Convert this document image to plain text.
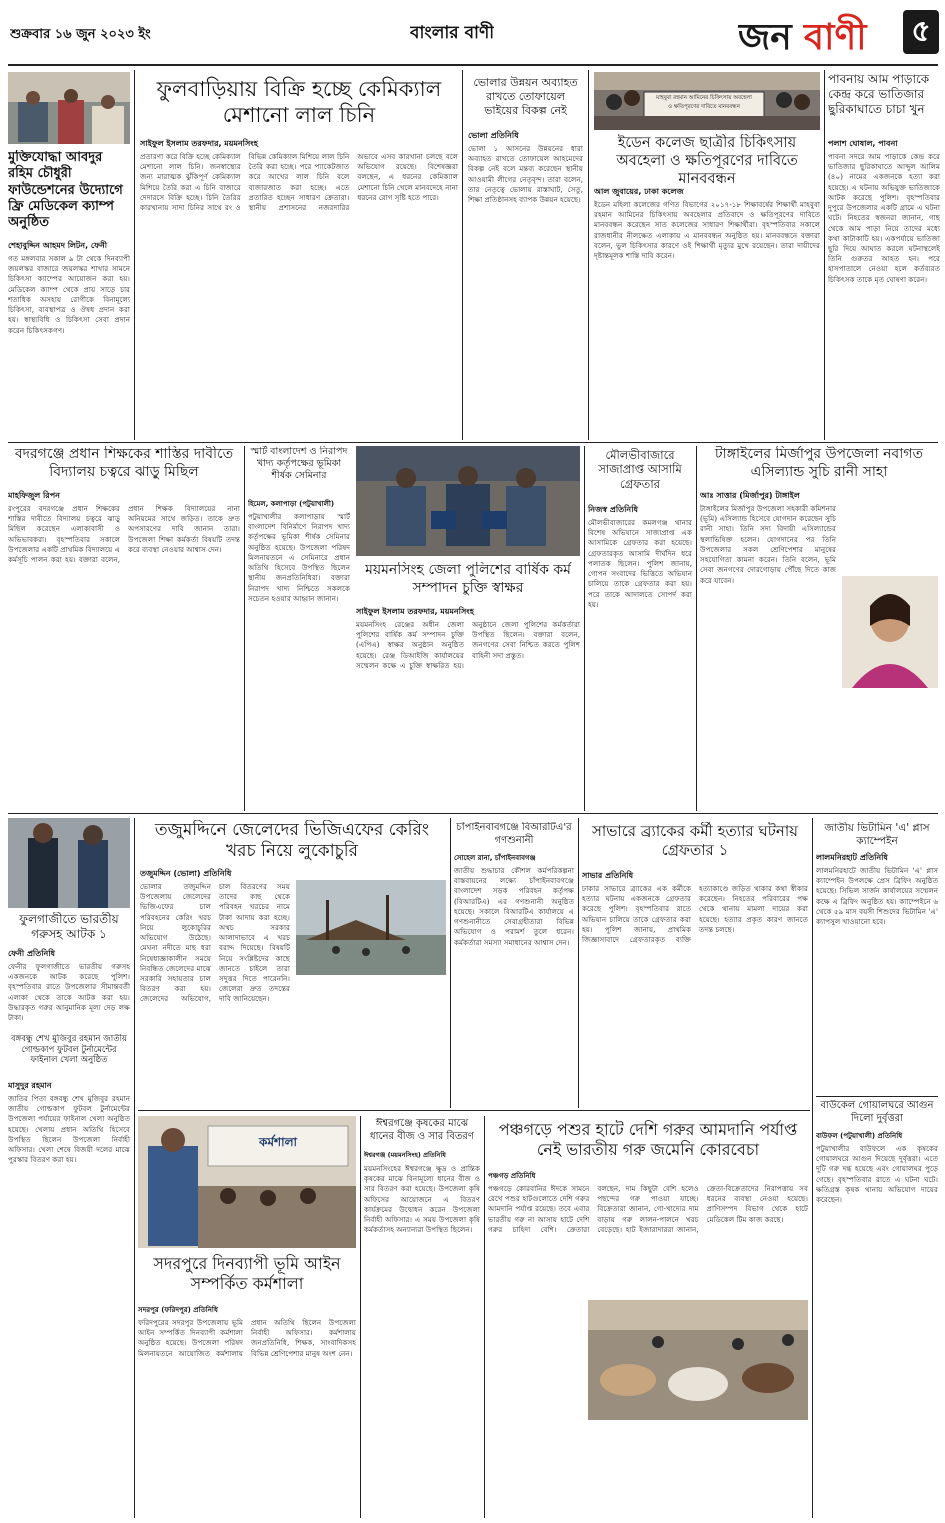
শুক্রবার ১৬ জুন ২০২৩ ইং	বাংলার বাণী	জন বাণী ৫
মুক্তিযোদ্ধা আবদুর রহিম চৌধুরী ফাউন্ডেশনের উদ্যোগে ফ্রি মেডিকেল ক্যাম্প অনুষ্ঠিত
শেহাবুদ্দিন আহমদ লিটন, ফেনী
গত মঙ্গলবার সকাল ৯ টা থেকে দিনব্যাপী জয়লস্কর বাজারে জয়লস্কর শাখার সামনে চিকিৎসা ক্যাম্পের আয়োজন করা হয়। মেডিকেল ক্যাম্প থেকে প্রায় সাড়ে চার শতাধিক অসহায় রোগীকে বিনামূল্যে চিকিৎসা, ব্যবস্থাপত্র ও ঔষধ প্রদান করা হয়। স্বাস্থ্যবিধি ও চিকিৎসা সেবা প্রদান করেন চিকিৎসকগণ।
ফুলবাড়িয়ায় বিক্রি হচ্ছে কেমিক্যাল মেশানো লাল চিনি
সাইফুল ইসলাম তরফদার, ময়মনসিংহ
প্রতারণা করে বিক্রি হচ্ছে কেমিক্যাল মেশানো লাল চিনি। জনস্বাস্থ্যের জন্য মারাত্মক ঝুঁকিপূর্ণ কেমিক্যাল মিশিয়ে তৈরি করা এ চিনি বাজারে দেদারসে বিক্রি হচ্ছে। চিনি তৈরির কারখানায় সাদা চিনির সাথে রং ও বিভিন্ন কেমিক্যাল মিশিয়ে লাল চিনি তৈরি করা হচ্ছে। পরে প্যাকেটজাত করে আখের লাল চিনি বলে বাজারজাত করা হচ্ছে। এতে প্রতারিত হচ্ছেন সাধারণ ক্রেতারা। স্থানীয় প্রশাসনের নজরদারির অভাবে এসব কারখানা চলছে বলে অভিযোগ রয়েছে। বিশেষজ্ঞরা বলছেন, এ ধরনের কেমিক্যাল মেশানো চিনি খেলে মানবদেহে নানা ধরনের রোগ সৃষ্টি হতে পারে।
ভোলার উন্নয়ন অব্যাহত রাখতে তোফায়েল ভাইয়ের বিকল্প নেই
ভোলা প্রতিনিধি
ভোলা ১ আসনের উন্নয়নের ধারা অব্যাহত রাখতে তোফায়েল আহমেদের বিকল্প নেই বলে মন্তব্য করেছেন স্থানীয় আওয়ামী লীগের নেতৃবৃন্দ। তারা বলেন, তার নেতৃত্বে ভোলায় রাস্তাঘাট, সেতু, শিক্ষা প্রতিষ্ঠানসহ ব্যাপক উন্নয়ন হয়েছে।
মাহবুবা রহমান আমিনের চিকিৎসায় অবহেলা
ও ক্ষতিপূরণের দাবিতে মানববন্ধন
ইডেন কলেজ ছাত্রীর চিকিৎসায় অবহেলা ও ক্ষতিপূরণের দাবিতে মানববন্ধন
আল জুবায়ের, ঢাকা কলেজ
ইডেন মহিলা কলেজের গণিত বিভাগের ২০১৭-১৮ শিক্ষাবর্ষের শিক্ষার্থী মাহবুবা রহমান আমিনের চিকিৎসায় অবহেলার প্রতিবাদে ও ক্ষতিপূরণের দাবিতে মানববন্ধন করেছেন সাত কলেজের সাধারণ শিক্ষার্থীরা। বৃহস্পতিবার সকালে রাজধানীর নীলক্ষেত এলাকায় এ মানববন্ধন অনুষ্ঠিত হয়। মানববন্ধনে বক্তারা বলেন, ভুল চিকিৎসার কারণে ওই শিক্ষার্থী মৃত্যুর মুখে রয়েছেন। তারা দায়ীদের দৃষ্টান্তমূলক শাস্তি দাবি করেন।
পাবনায় আম পাড়াকে কেন্দ্র করে ভাতিজার ছুরিকাঘাতে চাচা খুন
পলাশ ঘোষাল, পাবনা
পাবনা সদরে আম পাড়াকে কেন্দ্র করে ভাতিজার ছুরিকাঘাতে আব্দুল আলিম (৪০) নামের একজনকে হত্যা করা হয়েছে। এ ঘটনায় অভিযুক্ত ভাতিজাকে আটক করেছে পুলিশ। বৃহস্পতিবার দুপুরে উপজেলার একটি গ্রামে এ ঘটনা ঘটে। নিহতের স্বজনরা জানান, গাছ থেকে আম পাড়া নিয়ে তাদের মধ্যে কথা কাটাকাটি হয়। একপর্যায়ে ভাতিজা ছুরি দিয়ে আঘাত করলে ঘটনাস্থলেই তিনি গুরুতর আহত হন। পরে হাসপাতালে নেওয়া হলে কর্তব্যরত চিকিৎসক তাকে মৃত ঘোষণা করেন।
বদরগঞ্জে প্রধান শিক্ষকের শাস্তির দাবীতে বিদ্যালয় চত্বরে ঝাড়ু মিছিল
মাহফিজুল রিপন
রংপুরের বদরগঞ্জে প্রধান শিক্ষকের শাস্তির দাবীতে বিদ্যালয় চত্বরে ঝাড়ু মিছিল করেছেন এলাকাবাসী ও অভিভাবকরা। বৃহস্পতিবার সকালে উপজেলার একটি প্রাথমিক বিদ্যালয়ে এ কর্মসূচি পালন করা হয়। বক্তারা বলেন, প্রধান শিক্ষক বিদ্যালয়ের নানা অনিয়মের সাথে জড়িত। তাকে দ্রুত অপসারণের দাবি জানান তারা। উপজেলা শিক্ষা কর্মকর্তা বিষয়টি তদন্ত করে ব্যবস্থা নেওয়ার আশ্বাস দেন।
স্মার্ট বাংলাদেশ ও নিরাপদ খাদ্য কর্তৃপক্ষের ভূমিকা শীর্ষক সেমিনার
হিমেল, কলাপাড়া (পটুয়াখালী)
পটুয়াখালীর কলাপাড়ায় স্মার্ট বাংলাদেশ বিনির্মাণে নিরাপদ খাদ্য কর্তৃপক্ষের ভূমিকা শীর্ষক সেমিনার অনুষ্ঠিত হয়েছে। উপজেলা পরিষদ মিলনায়তনে এ সেমিনারে প্রধান অতিথি হিসেবে উপস্থিত ছিলেন স্থানীয় জনপ্রতিনিধিরা। বক্তারা নিরাপদ খাদ্য নিশ্চিতে সকলকে সচেতন হওয়ার আহ্বান জানান।
ময়মনসিংহ জেলা পুলিশের বার্ষিক কর্ম সম্পাদন চুক্তি স্বাক্ষর
সাইফুল ইসলাম তরফদার, ময়মনসিংহ
ময়মনসিংহ রেঞ্জের অধীন জেলা পুলিশের বার্ষিক কর্ম সম্পাদন চুক্তি (এপিএ) স্বাক্ষর অনুষ্ঠান অনুষ্ঠিত হয়েছে। রেঞ্জ ডিআইজি কার্যালয়ের সম্মেলন কক্ষে এ চুক্তি স্বাক্ষরিত হয়। অনুষ্ঠানে জেলা পুলিশের কর্মকর্তারা উপস্থিত ছিলেন। বক্তারা বলেন, জনগণের সেবা নিশ্চিত করতে পুলিশ বাহিনী সদা প্রস্তুত।
মৌলভীবাজারে সাজাপ্রাপ্ত আসামি গ্রেফতার
নিজস্ব প্রতিনিধি
মৌলভীবাজারের কমলগঞ্জ থানার বিশেষ অভিযানে সাজাপ্রাপ্ত এক আসামিকে গ্রেফতার করা হয়েছে। গ্রেফতারকৃত আসামি দীর্ঘদিন ধরে পলাতক ছিলেন। পুলিশ জানায়, গোপন সংবাদের ভিত্তিতে অভিযান চালিয়ে তাকে গ্রেফতার করা হয়। পরে তাকে আদালতে সোপর্দ করা হয়।
টাঙ্গাইলের মির্জাপুর উপজেলা নবাগত এসিল্যান্ড সুচি রানী সাহা
আঃ সাত্তার (মির্জাপুর) টাঙ্গাইল
টাঙ্গাইলের মির্জাপুর উপজেলা সহকারী কমিশনার (ভূমি) এসিল্যান্ড হিসেবে যোগদান করেছেন সুচি রানী সাহা। তিনি সদ্য বিদায়ী এসিল্যান্ডের স্থলাভিষিক্ত হলেন। যোগদানের পর তিনি উপজেলার সকল শ্রেণিপেশার মানুষের সহযোগিতা কামনা করেন। তিনি বলেন, ভূমি সেবা জনগণের দোরগোড়ায় পৌঁছে দিতে কাজ করে যাবেন।
ফুলগাজীতে ভারতীয় গরুসহ আটক ১
ফেনী প্রতিনিধি
ফেনীর ফুলগাজীতে ভারতীয় গরুসহ একজনকে আটক করেছে পুলিশ। বৃহস্পতিবার রাতে উপজেলার সীমান্তবর্তী এলাকা থেকে তাকে আটক করা হয়। উদ্ধারকৃত গরুর আনুমানিক মূল্য দেড় লক্ষ টাকা।
বঙ্গবন্ধু শেখ মুজিবুর রহমান জাতীয় গোল্ডকাপ ফুটবল টুর্নামেন্টের ফাইনাল খেলা অনুষ্ঠিত
মাসুদুর রহমান
জাতির পিতা বঙ্গবন্ধু শেখ মুজিবুর রহমান জাতীয় গোল্ডকাপ ফুটবল টুর্নামেন্টের উপজেলা পর্যায়ের ফাইনাল খেলা অনুষ্ঠিত হয়েছে। খেলায় প্রধান অতিথি হিসেবে উপস্থিত ছিলেন উপজেলা নির্বাহী অফিসার। খেলা শেষে বিজয়ী দলের মাঝে পুরস্কার বিতরণ করা হয়।
তজুমদ্দিনে জেলেদের ভিজিএফের কেরিং খরচ নিয়ে লুকোচুরি
তজুমদ্দিন (ভোলা) প্রতিনিধি
ভোলার তজুমদ্দিন উপজেলায় জেলেদের ভিজিএফের চাল পরিবহনের কেরিং খরচ নিয়ে লুকোচুরির অভিযোগ উঠেছে। মেঘনা নদীতে মাছ ধরা নিষেধাজ্ঞাকালীন সময়ে নিবন্ধিত জেলেদের মাঝে সরকারি সহায়তার চাল বিতরণ করা হয়। জেলেদের অভিযোগ, চাল বিতরণের সময় তাদের কাছ থেকে পরিবহন খরচের নামে টাকা আদায় করা হচ্ছে। অথচ সরকার আলাদাভাবে এ খরচ বরাদ্দ দিয়েছে। বিষয়টি নিয়ে সংশ্লিষ্টদের কাছে জানতে চাইলে তারা সদুত্তর দিতে পারেননি। জেলেরা দ্রুত তদন্তের দাবি জানিয়েছেন।
চাঁপাইনবাবগঞ্জে বিআরটিএ'র গণশুনানী
সোহেল রানা, চাঁপাইনবাবগঞ্জ
জাতীয় শুদ্ধাচার কৌশল কর্মপরিকল্পনা বাস্তবায়নের লক্ষ্যে চাঁপাইনবাবগঞ্জে বাংলাদেশ সড়ক পরিবহন কর্তৃপক্ষ (বিআরটিএ) এর গণশুনানী অনুষ্ঠিত হয়েছে। সকালে বিআরটিএ কার্যালয়ে এ গণশুনানীতে সেবাগ্রহীতারা বিভিন্ন অভিযোগ ও পরামর্শ তুলে ধরেন। কর্মকর্তারা সমস্যা সমাধানের আশ্বাস দেন।
সাভারে ব্র্যাকের কর্মী হত্যার ঘটনায় গ্রেফতার ১
সাভার প্রতিনিধি
ঢাকার সাভারে ব্র্যাকের এক কর্মীকে হত্যার ঘটনায় একজনকে গ্রেফতার করেছে পুলিশ। বৃহস্পতিবার রাতে অভিযান চালিয়ে তাকে গ্রেফতার করা হয়। পুলিশ জানায়, প্রাথমিক জিজ্ঞাসাবাদে গ্রেফতারকৃত ব্যক্তি হত্যাকাণ্ডে জড়িত থাকার কথা স্বীকার করেছেন। নিহতের পরিবারের পক্ষ থেকে থানায় মামলা দায়ের করা হয়েছে। হত্যার প্রকৃত কারণ জানতে তদন্ত চলছে।
জাতীয় ভিটামিন 'এ' প্লাস ক্যাম্পেইন
লালমনিরহাট প্রতিনিধি
লালমনিরহাটে জাতীয় ভিটামিন 'এ' প্লাস ক্যাম্পেইন উপলক্ষে প্রেস ব্রিফিং অনুষ্ঠিত হয়েছে। সিভিল সার্জন কার্যালয়ের সম্মেলন কক্ষে এ ব্রিফিং অনুষ্ঠিত হয়। ক্যাম্পেইনে ৬ থেকে ৫৯ মাস বয়সী শিশুদের ভিটামিন 'এ' ক্যাপসুল খাওয়ানো হবে।
বাউকেল গোয়ালঘরে আগুন দিলো দুর্বৃত্তরা
বাউফল (পটুয়াখালী) প্রতিনিধি
পটুয়াখালীর বাউফলে এক কৃষকের গোয়ালঘরে আগুন দিয়েছে দুর্বৃত্তরা। এতে দুটি গরু দগ্ধ হয়েছে এবং গোয়ালঘর পুড়ে গেছে। বৃহস্পতিবার রাতে এ ঘটনা ঘটে। ক্ষতিগ্রস্ত কৃষক থানায় অভিযোগ দায়ের করেছেন।
কর্মশালা
সদরপুরে দিনব্যাপী ভূমি আইন সম্পর্কিত কর্মশালা
সদরপুর (ফরিদপুর) প্রতিনিধি
ফরিদপুরের সদরপুর উপজেলায় ভূমি আইন সম্পর্কিত দিনব্যাপী কর্মশালা অনুষ্ঠিত হয়েছে। উপজেলা পরিষদ মিলনায়তনে আয়োজিত কর্মশালায় প্রধান অতিথি ছিলেন উপজেলা নির্বাহী অফিসার। কর্মশালায় জনপ্রতিনিধি, শিক্ষক, সাংবাদিকসহ বিভিন্ন শ্রেণিপেশার মানুষ অংশ নেন।
ঈশ্বরগঞ্জে কৃষকের মাঝে ধানের বীজ ও সার বিতরণ
ঈশ্বরগঞ্জ (ময়মনসিংহ) প্রতিনিধি
ময়মনসিংহের ঈশ্বরগঞ্জে ক্ষুদ্র ও প্রান্তিক কৃষকের মাঝে বিনামূল্যে ধানের বীজ ও সার বিতরণ করা হয়েছে। উপজেলা কৃষি অফিসের আয়োজনে এ বিতরণ কার্যক্রমের উদ্বোধন করেন উপজেলা নির্বাহী অফিসার। এ সময় উপজেলা কৃষি কর্মকর্তাসহ অন্যান্যরা উপস্থিত ছিলেন।
পঞ্চগড়ে পশুর হাটে দেশি গরুর আমদানি পর্যাপ্ত নেই ভারতীয় গরু জমেনি কোরবেচা
পঞ্চগড় প্রতিনিধি
পঞ্চগড়ে কোরবানির ঈদকে সামনে রেখে পশুর হাটগুলোতে দেশি গরুর আমদানি পর্যাপ্ত রয়েছে। তবে এবার ভারতীয় গরু না আসায় হাটে দেশি গরুর চাহিদা বেশি। ক্রেতারা বলছেন, দাম কিছুটা বেশি হলেও পছন্দের গরু পাওয়া যাচ্ছে। বিক্রেতারা জানান, গো-খাদ্যের দাম বাড়ায় গরু লালন-পালনে খরচ বেড়েছে। হাট ইজারাদাররা জানান, ক্রেতা-বিক্রেতাদের নিরাপত্তায় সব ধরনের ব্যবস্থা নেওয়া হয়েছে। প্রাণিসম্পদ বিভাগ থেকে হাটে মেডিকেল টিম কাজ করছে।
